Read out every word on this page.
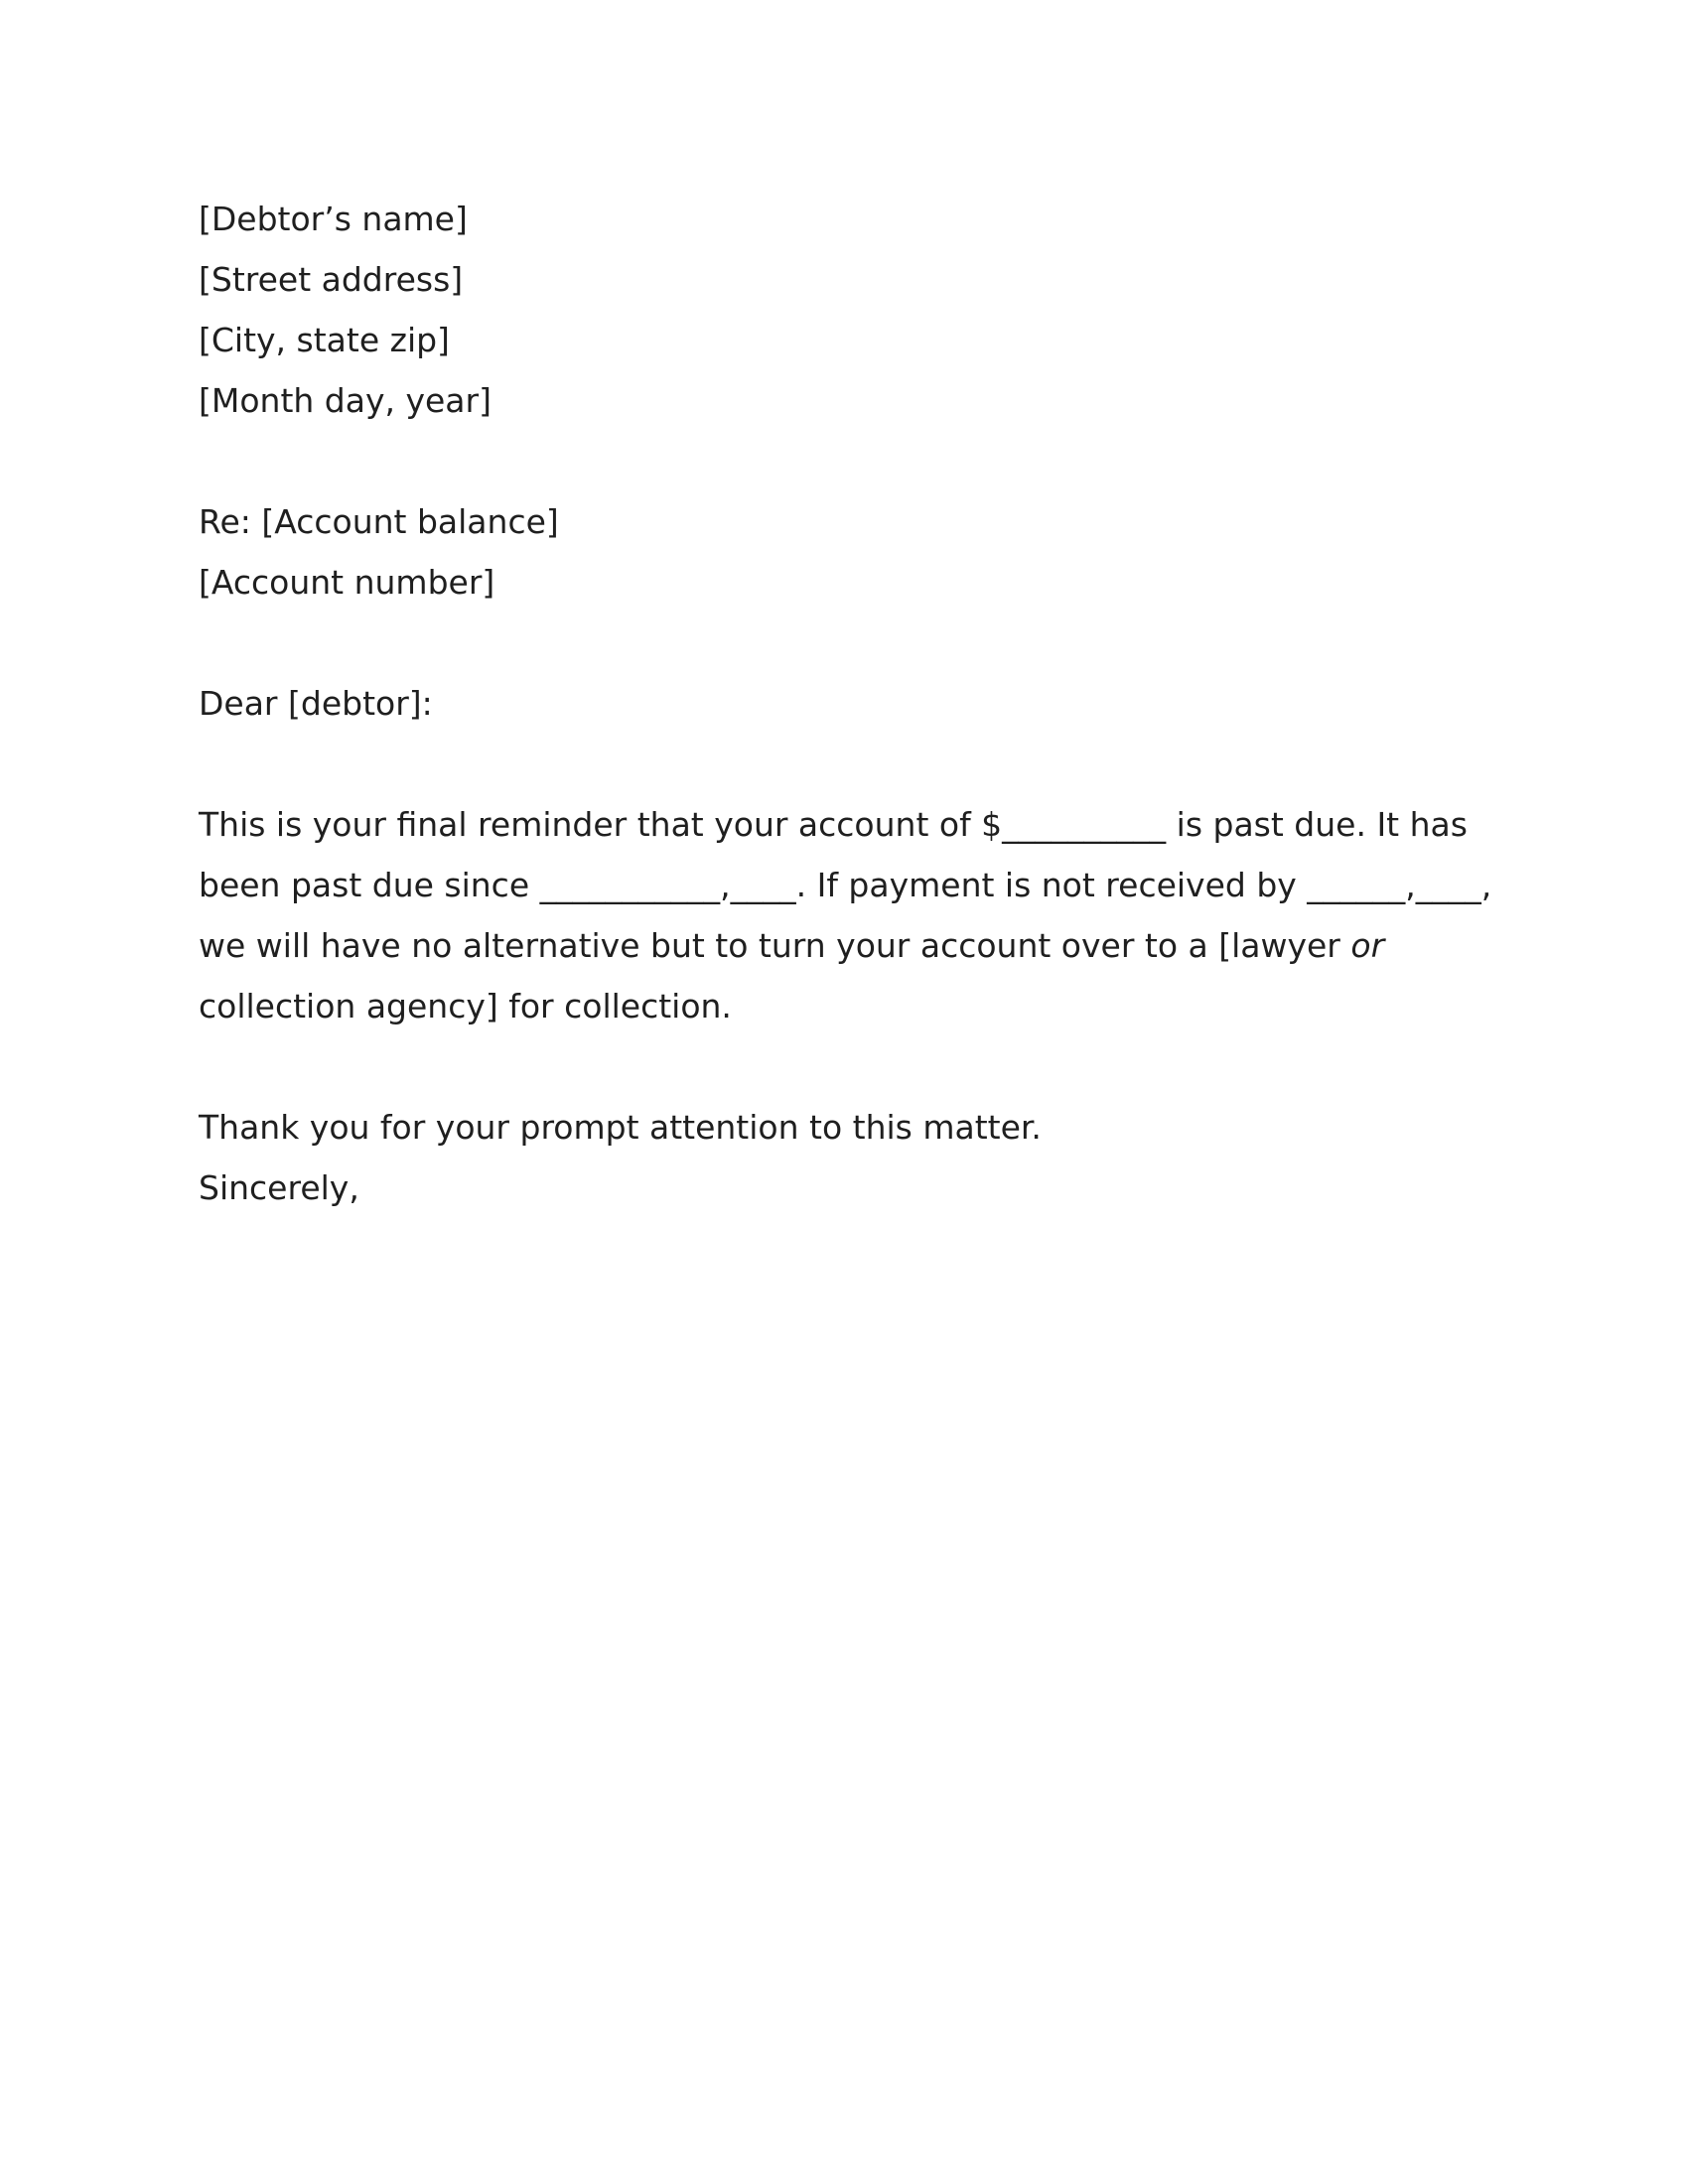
[Debtor’s name]
[Street address]
[City, state zip]
[Month day, year]
Re: [Account balance]
[Account number]
Dear [debtor]:
This is your final reminder that your account of $__________ is past due. It has
been past due since ___________,____. If payment is not received by ______,____,
we will have no alternative but to turn your account over to a [lawyer or
collection agency] for collection.
Thank you for your prompt attention to this matter.
Sincerely,
